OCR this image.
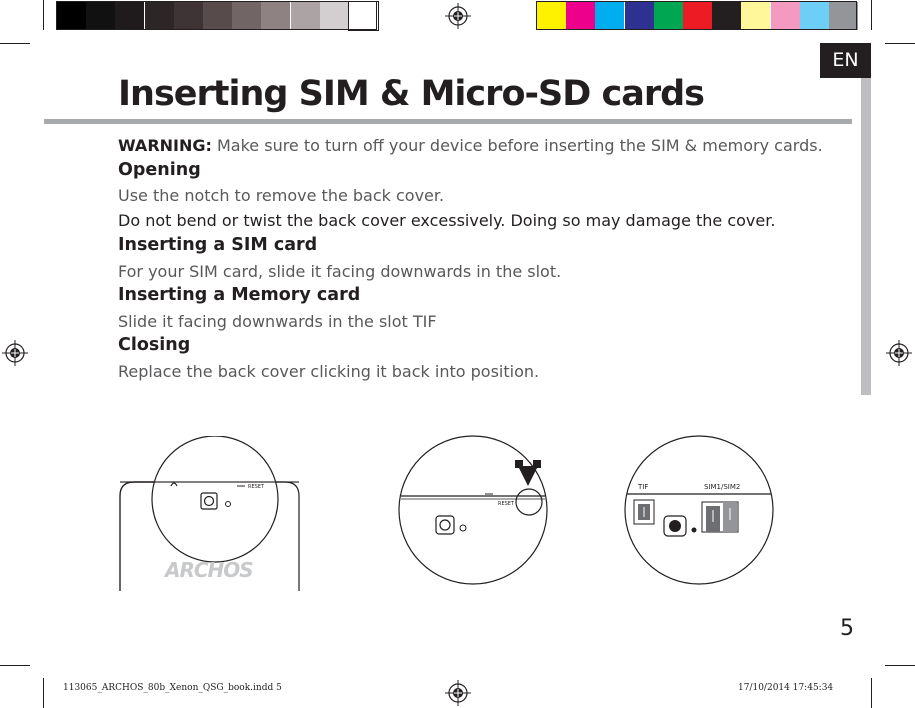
EN
Inserting SIM & Micro-SD cards
WARNING: Make sure to turn off your device before inserting the SIM & memory cards.
Opening
Use the notch to remove the back cover.
Do not bend or twist the back cover excessively. Doing so may damage the cover.
Inserting a SIM card
For your SIM card, slide it facing downwards in the slot.
Inserting a Memory card
Slide it facing downwards in the slot TIF
Closing
Replace the back cover clicking it back into position.
RESET
ARCHOS
RESET
TIF	SIM1/SIM2
5
113065_ARCHOS_80b_Xenon_QSG_book.indd 5	17/10/2014 17:45:34
